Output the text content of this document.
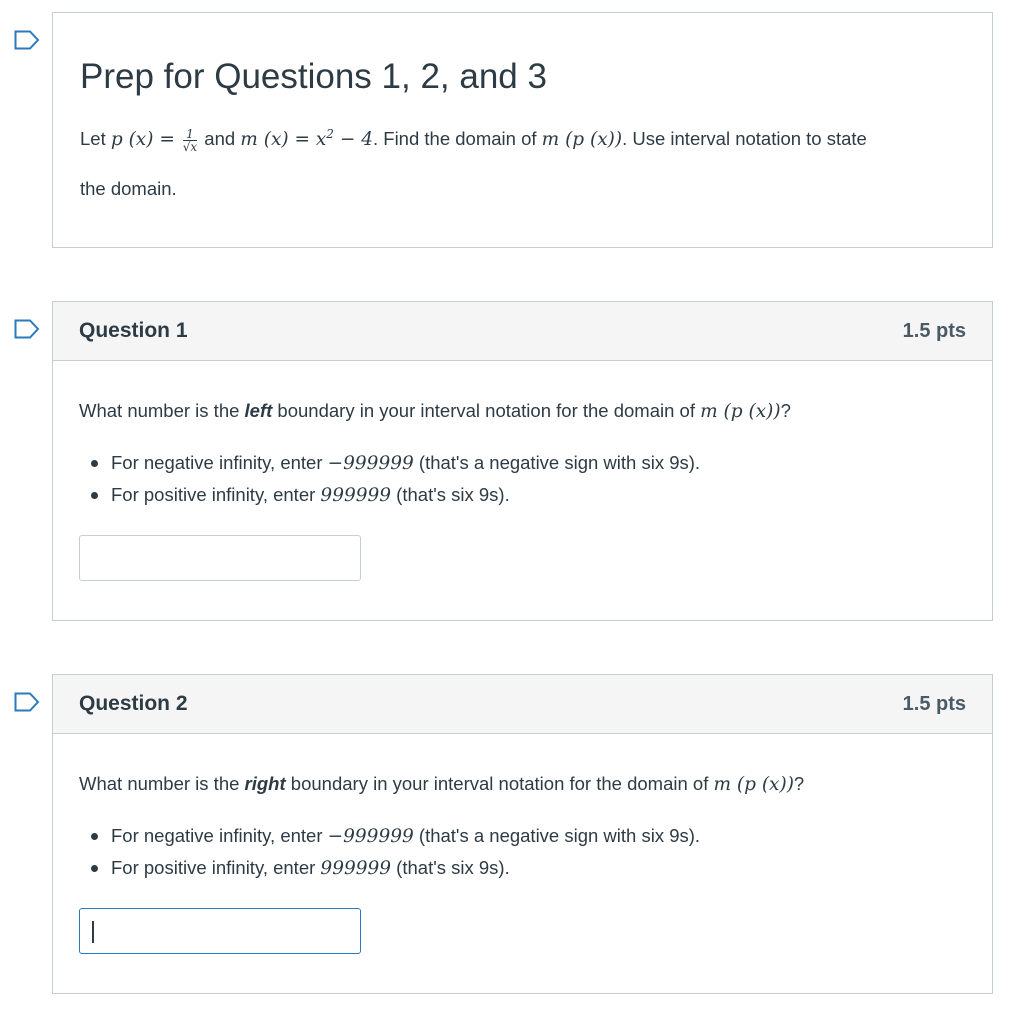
Prep for Questions 1, 2, and 3
Let p $(x) = \frac{1}{√x}$ and m $(x) = x^2 - 4$. Find the domain of m (p (x)). Use interval notation to state
the domain.
Question 1	1.5 pts
What number is the left boundary in your interval notation for the domain of m (p (x))?
For negative infinity, enter −999999 (that's a negative sign with six 9s).
For positive infinity, enter 999999 (that's six 9s).
Question 2	1.5 pts
What number is the right boundary in your interval notation for the domain of m (p (x))?
For negative infinity, enter −999999 (that's a negative sign with six 9s).
For positive infinity, enter 999999 (that's six 9s).
